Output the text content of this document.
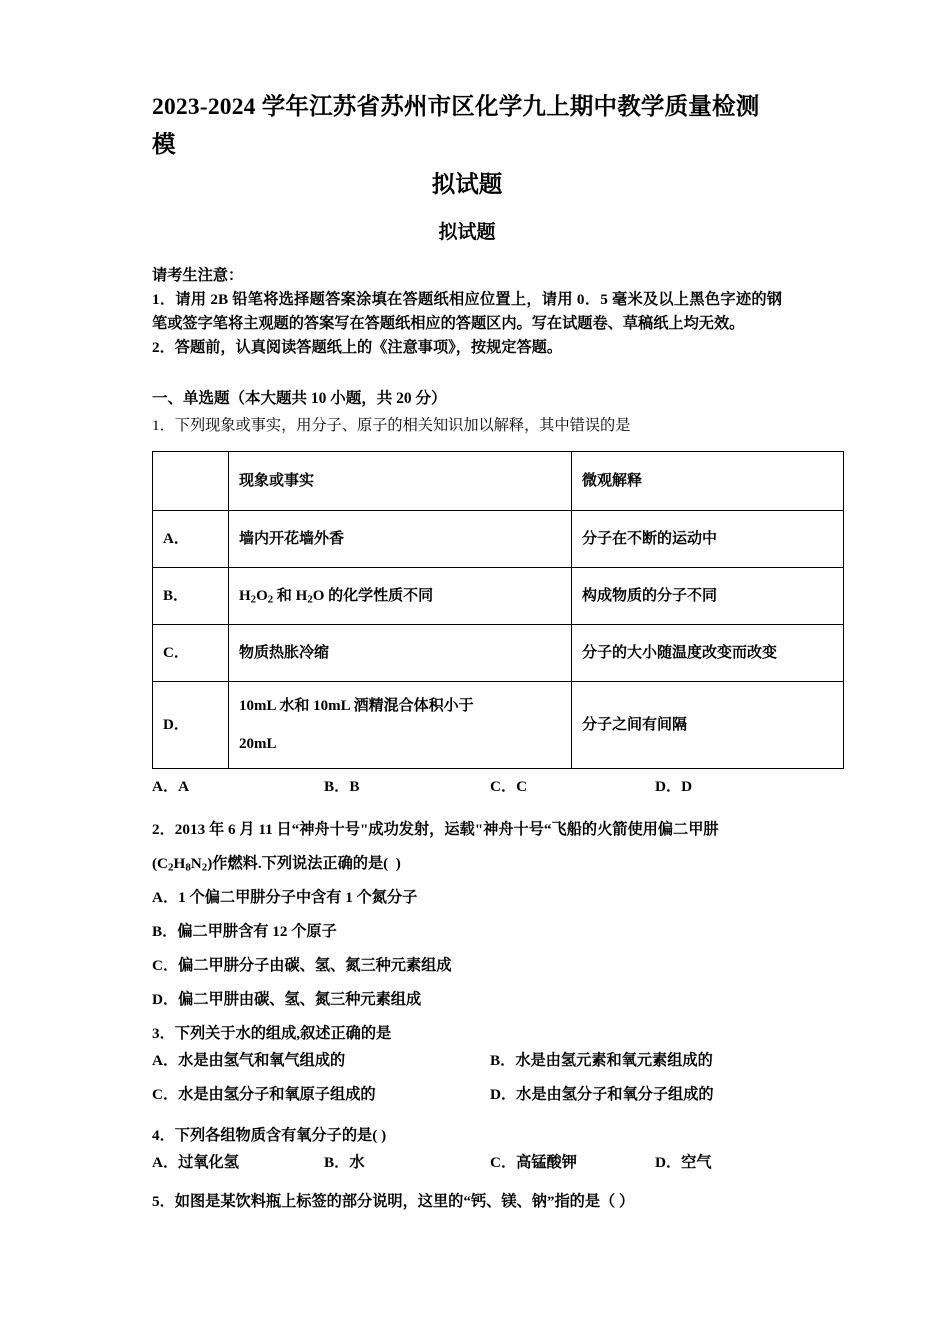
2023-2024 学年江苏省苏州市区化学九上期中教学质量检测模
拟试题
拟试题

请考生注意：

1．请用 2B 铅笔将选择题答案涂填在答题纸相应位置上，请用 0．5 毫米及以上黑色字迹的钢笔或签字笔将主观题的答案写在答题纸相应的答题区内。写在试题卷、草稿纸上均无效。

2．答题前，认真阅读答题纸上的《注意事项》，按规定答题。

一、单选题（本大题共 10 小题，共 20 分）

1．下列现象或事实，用分子、原子的相关知识加以解释，其中错误的是

	现象或事实	微观解释
A．	墙内开花墙外香	分子在不断的运动中
B．	$H_2O_2$ 和 $H_2O$ 的化学性质不同	构成物质的分子不同
C．	物质热胀冷缩	分子的大小随温度改变而改变
D．	10mL 水和 10mL 酒精混合体积小于
20mL	分子之间有间隔
A．A	B．B	C．C	D．D

2．2013 年 6 月 11 日“神舟十号"成功发射，运载"神舟十号“飞船的火箭使用偏二甲肼

$(C_2H_8N_2)$作燃料.下列说法正确的是(  )

A．1 个偏二甲肼分子中含有 1 个氮分子

B．偏二甲肼含有 12 个原子

C．偏二甲肼分子由碳、氢、氮三种元素组成

D．偏二甲肼由碳、氢、氮三种元素组成

3．下列关于水的组成,叙述正确的是

A．水是由氢气和氧气组成的	B．水是由氢元素和氧元素组成的
C．水是由氢分子和氧原子组成的	D．水是由氢分子和氧分子组成的

4．下列各组物质含有氧分子的是( )

A．过氧化氢	B．水	C．高锰酸钾	D．空气

5．如图是某饮料瓶上标签的部分说明，这里的“钙、镁、钠”指的是（ ）
